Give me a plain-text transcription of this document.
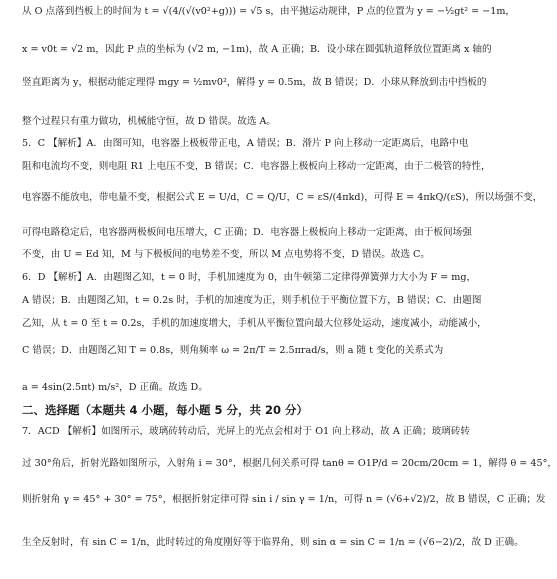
从 O 点落到挡板上的时间为 t = √(4/(√(v0²+g))) = √5 s，由平抛运动规律，P 点的位置为 y = −½gt² = −1m，
x = v0t = √2 m，因此 P 点的坐标为 (√2 m, −1m)，故 A 正确；B．设小球在圆弧轨道释放位置距离 x 轴的
竖直距离为 y，根据动能定理得 mgy = ½mv0²，解得 y = 0.5m，故 B 错误；D．小球从释放到击中挡板的
整个过程只有重力做功，机械能守恒，故 D 错误。故选 A。
5．C 【解析】A．由图可知，电容器上极板带正电，A 错误；B．滑片 P 向上移动一定距离后，电路中电
阻和电流均不变，则电阻 R1 上电压不变，B 错误；C．电容器上极板向上移动一定距离，由于二极管的特性，
电容器不能放电，带电量不变，根据公式 E = U/d，C = Q/U，C = εS/(4πkd)，可得 E = 4πkQ/(εS)，所以场强不变，
可得电路稳定后，电容器两极板间电压增大，C 正确；D．电容器上极板向上移动一定距离，由于板间场强
不变，由 U = Ed 知，M 与下极板间的电势差不变，所以 M 点电势将不变，D 错误。故选 C。
6．D 【解析】A．由题图乙知，t = 0 时，手机加速度为 0，由牛顿第二定律得弹簧弹力大小为 F = mg，
A 错误；B．由题图乙知，t = 0.2s 时，手机的加速度为正，则手机位于平衡位置下方，B 错误；C．由题图
乙知，从 t = 0 至 t = 0.2s，手机的加速度增大，手机从平衡位置向最大位移处运动，速度减小，动能减小，
C 错误；D．由题图乙知 T = 0.8s，则角频率 ω = 2π/T = 2.5πrad/s，则 a 随 t 变化的关系式为
a = 4sin(2.5πt) m/s²，D 正确。故选 D。
二、选择题（本题共 4 小题，每小题 5 分，共 20 分）
7．ACD 【解析】如图所示，玻璃砖转动后，光屏上的光点会相对于 O1 向上移动，故 A 正确；玻璃砖转
过 30°角后，折射光路如图所示，入射角 i = 30°，根据几何关系可得 tanθ = O1P/d = 20cm/20cm = 1，解得 θ = 45°，
则折射角 γ = 45° + 30° = 75°，根据折射定律可得 sin i / sin γ = 1/n，可得 n = (√6+√2)/2，故 B 错误，C 正确；发
生全反射时，有 sin C = 1/n，此时转过的角度刚好等于临界角，则 sin α = sin C = 1/n = (√6−2)/2，故 D 正确。
